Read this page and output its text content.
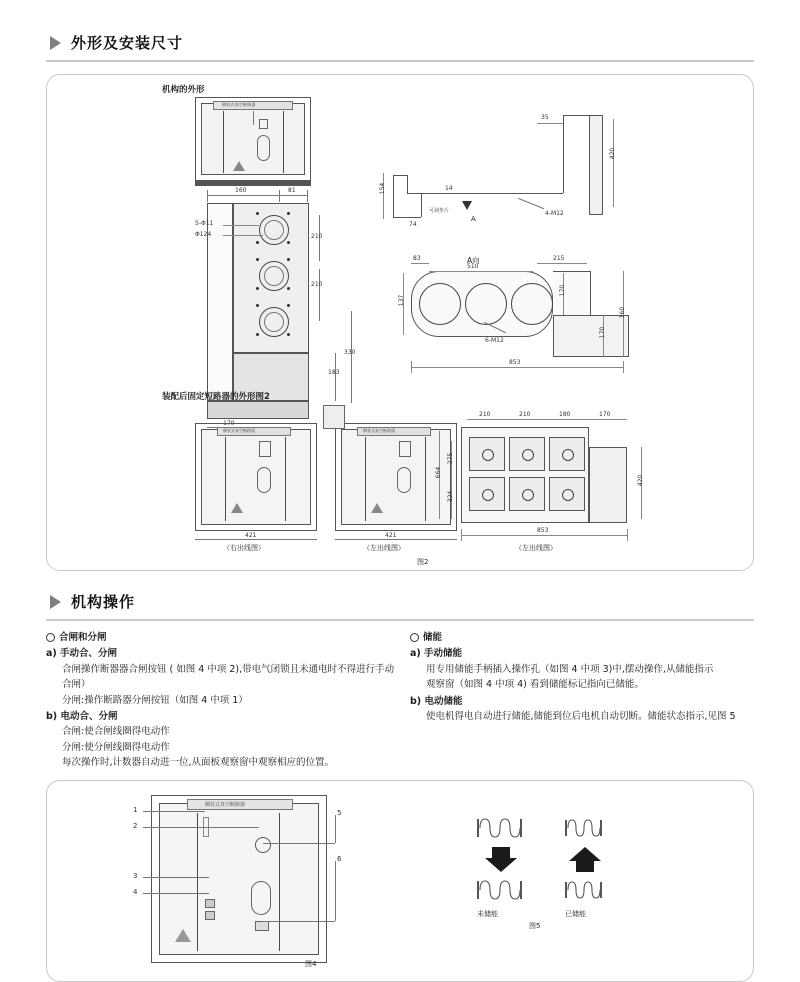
外形及安装尺寸
机构的外形
侧装式真空断路器
5-Φ11
Φ124
160	81
210
210
183
330
170
35
420
154	14
74
可调垫片	4-M12
A
A向
83
510
215
137
170
170
160
6-M12
853
装配后固定短路器的外形图2
侧装式真空断路器
421
（右出线图）
侧装式真空断路器
421
（左出线图）
图2
210	210	180	170
275
664
324
420
853
（左出线图）
机构操作
合闸和分闸
a) 手动合、分闸
合闸操作断器器合闸按钮 ( 如图 4 中项 2),带电气闭锁且未通电时不得进行手动合闸）
分闸:操作断路器分闸按钮（如图 4 中项 1）
b) 电动合、分闸
合闸:使合闸线圈得电动作
分闸:使分闸线圈得电动作
每次操作时,计数器自动进一位,从面板观察窗中观察相应的位置。
储能
a) 手动储能
用专用储能手柄插入操作孔（如图 4 中项 3)中,摆动操作,从储能指示
观察窗（如图 4 中项 4) 看到储能标记指向已储能。
b) 电动储能
使电机得电自动进行储能,储能到位后电机自动切断。储能状态指示,见图 5
侧装式真空断路器
1
2
3
4
5
6
图4
未储能	已储能
图5
